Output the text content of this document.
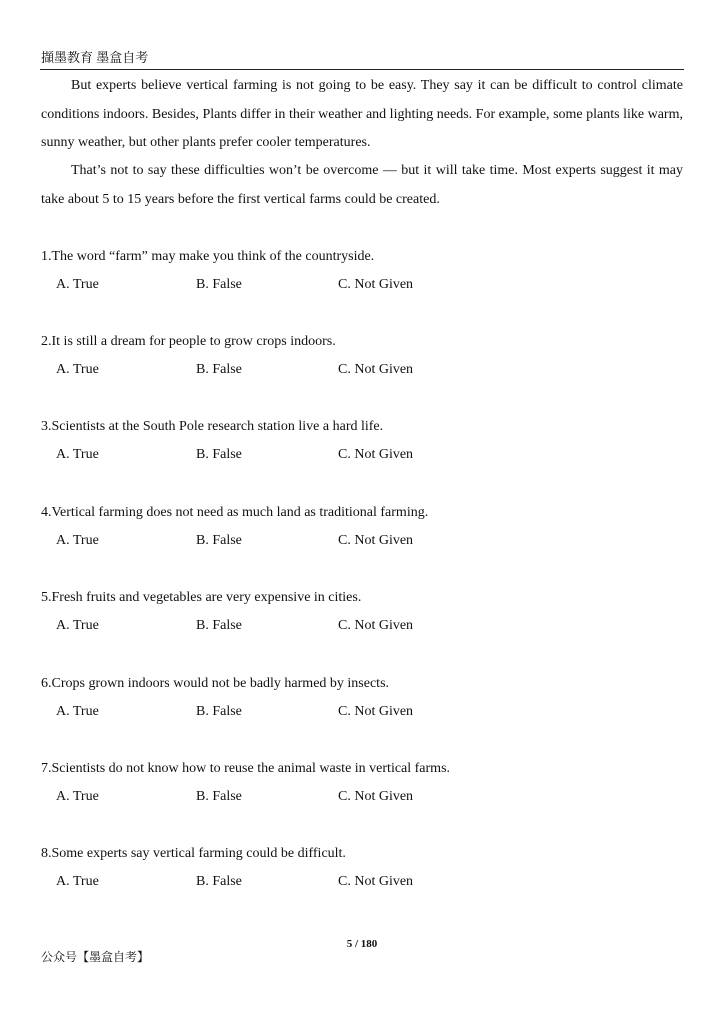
擷墨教育 墨盒自考

But experts believe vertical farming is not going to be easy. They say it can be difficult to control climate conditions indoors. Besides, Plants differ in their weather and lighting needs. For example, some plants like warm, sunny weather, but other plants prefer cooler temperatures.

That’s not to say these difficulties won’t be overcome — but it will take time. Most experts suggest it may take about 5 to 15 years before the first vertical farms could be created.

1.The word “farm” may make you think of the countryside.
A. True	B. False	C. Not Given
2.It is still a dream for people to grow crops indoors.
A. True	B. False	C. Not Given
3.Scientists at the South Pole research station live a hard life.
A. True	B. False	C. Not Given
4.Vertical farming does not need as much land as traditional farming.
A. True	B. False	C. Not Given
5.Fresh fruits and vegetables are very expensive in cities.
A. True	B. False	C. Not Given
6.Crops grown indoors would not be badly harmed by insects.
A. True	B. False	C. Not Given
7.Scientists do not know how to reuse the animal waste in vertical farms.
A. True	B. False	C. Not Given
8.Some experts say vertical farming could be difficult.
A. True	B. False	C. Not Given
5 / 180
公众号【墨盒自考】
